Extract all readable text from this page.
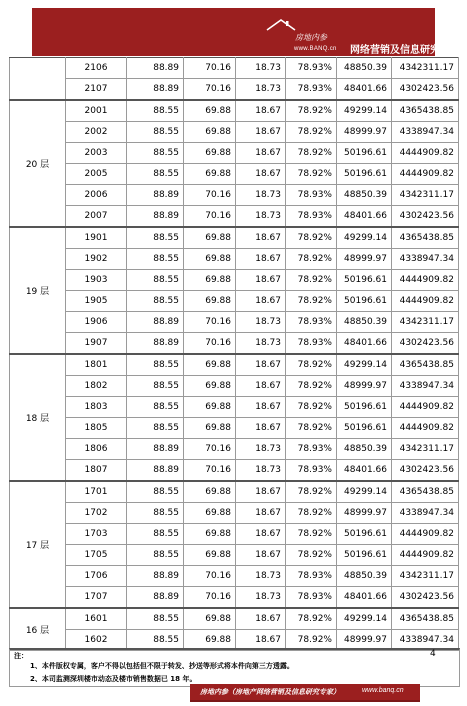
房地内参
www.BANQ.cn 网络营销及信息研究专家
	2106	88.89	70.16	18.73	78.93%	48850.39	4342311.17
	2107	88.89	70.16	18.73	78.93%	48401.66	4302423.56
20 层	2001	88.55	69.88	18.67	78.92%	49299.14	4365438.85
	2002	88.55	69.88	18.67	78.92%	48999.97	4338947.34
	2003	88.55	69.88	18.67	78.92%	50196.61	4444909.82
	2005	88.55	69.88	18.67	78.92%	50196.61	4444909.82
	2006	88.89	70.16	18.73	78.93%	48850.39	4342311.17
	2007	88.89	70.16	18.73	78.93%	48401.66	4302423.56
19 层	1901	88.55	69.88	18.67	78.92%	49299.14	4365438.85
	1902	88.55	69.88	18.67	78.92%	48999.97	4338947.34
	1903	88.55	69.88	18.67	78.92%	50196.61	4444909.82
	1905	88.55	69.88	18.67	78.92%	50196.61	4444909.82
	1906	88.89	70.16	18.73	78.93%	48850.39	4342311.17
	1907	88.89	70.16	18.73	78.93%	48401.66	4302423.56
18 层	1801	88.55	69.88	18.67	78.92%	49299.14	4365438.85
	1802	88.55	69.88	18.67	78.92%	48999.97	4338947.34
	1803	88.55	69.88	18.67	78.92%	50196.61	4444909.82
	1805	88.55	69.88	18.67	78.92%	50196.61	4444909.82
	1806	88.89	70.16	18.73	78.93%	48850.39	4342311.17
	1807	88.89	70.16	18.73	78.93%	48401.66	4302423.56
17 层	1701	88.55	69.88	18.67	78.92%	49299.14	4365438.85
	1702	88.55	69.88	18.67	78.92%	48999.97	4338947.34
	1703	88.55	69.88	18.67	78.92%	50196.61	4444909.82
	1705	88.55	69.88	18.67	78.92%	50196.61	4444909.82
	1706	88.89	70.16	18.73	78.93%	48850.39	4342311.17
	1707	88.89	70.16	18.73	78.93%	48401.66	4302423.56
16 层	1601	88.55	69.88	18.67	78.92%	49299.14	4365438.85
	1602	88.55	69.88	18.67	78.92%	48999.97	4338947.34
注：
1、本件版权专属，客户不得以包括但不限于转发、抄送等形式将本件向第三方透露。
2、本司监测深圳楼市动态及楼市销售数据已 18 年。
4
房地内参（房地产网络营销及信息研究专家）	www.banq.cn
